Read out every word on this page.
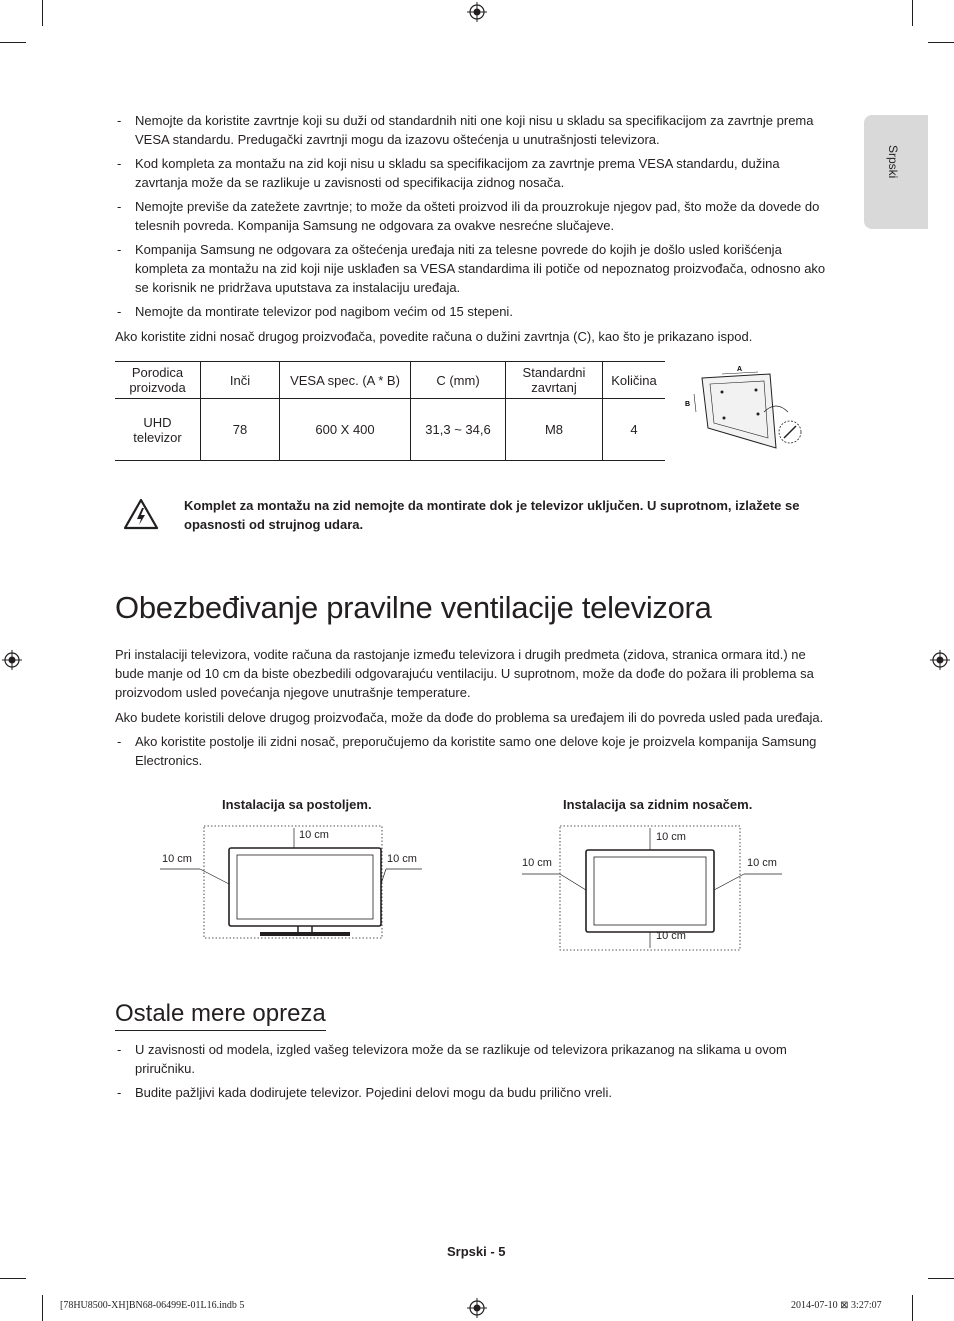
Srpski
- Nemojte da koristite zavrtnje koji su duži od standardnih niti one koji nisu u skladu sa specifikacijom za zavrtnje prema VESA standardu. Predugački zavrtnji mogu da izazovu oštećenja u unutrašnjosti televizora.
- Kod kompleta za montažu na zid koji nisu u skladu sa specifikacijom za zavrtnje prema VESA standardu, dužina zavrtanja može da se razlikuje u zavisnosti od specifikacija zidnog nosača.
- Nemojte previše da zatežete zavrtnje; to može da ošteti proizvod ili da prouzrokuje njegov pad, što može da dovede do telesnih povreda. Kompanija Samsung ne odgovara za ovakve nesrećne slučajeve.
- Kompanija Samsung ne odgovara za oštećenja uređaja niti za telesne povrede do kojih je došlo usled korišćenja kompleta za montažu na zid koji nije usklađen sa VESA standardima ili potiče od nepoznatog proizvođača, odnosno ako se korisnik ne pridržava uputstava za instalaciju uređaja.
- Nemojte da montirate televizor pod nagibom većim od 15 stepeni.
Ako koristite zidni nosač drugog proizvođača, povedite računa o dužini zavrtnja (C), kao što je prikazano ispod.
Porodica proizvoda	Inči	VESA spec. (A * B)	C (mm)	Standardni zavrtanj	Količina
UHD televizor	78	600 X 400	31,3 ~ 34,6	M8	4
A
B
Komplet za montažu na zid nemojte da montirate dok je televizor uključen. U suprotnom, izlažete se opasnosti od strujnog udara.
Obezbeđivanje pravilne ventilacije televizora
Pri instalaciji televizora, vodite računa da rastojanje između televizora i drugih predmeta (zidova, stranica ormara itd.) ne bude manje od 10 cm da biste obezbedili odgovarajuću ventilaciju. U suprotnom, može da dođe do požara ili problema sa proizvodom usled povećanja njegove unutrašnje temperature.
Ako budete koristili delove drugog proizvođača, može da dođe do problema sa uređajem ili do povreda usled pada uređaja.
- Ako koristite postolje ili zidni nosač, preporučujemo da koristite samo one delove koje je proizvela kompanija Samsung Electronics.
Instalacija sa postoljem.
10 cm
10 cm	10 cm
Instalacija sa zidnim nosačem.
10 cm
10 cm	10 cm
10 cm
Ostale mere opreza
- U zavisnosti od modela, izgled vašeg televizora može da se razlikuje od televizora prikazanog na slikama u ovom priručniku.
- Budite pažljivi kada dodirujete televizor. Pojedini delovi mogu da budu prilično vreli.
Srpski - 5
[78HU8500-XH]BN68-06499E-01L16.indb 5	2014-07-10 ⊠ 3:27:07
